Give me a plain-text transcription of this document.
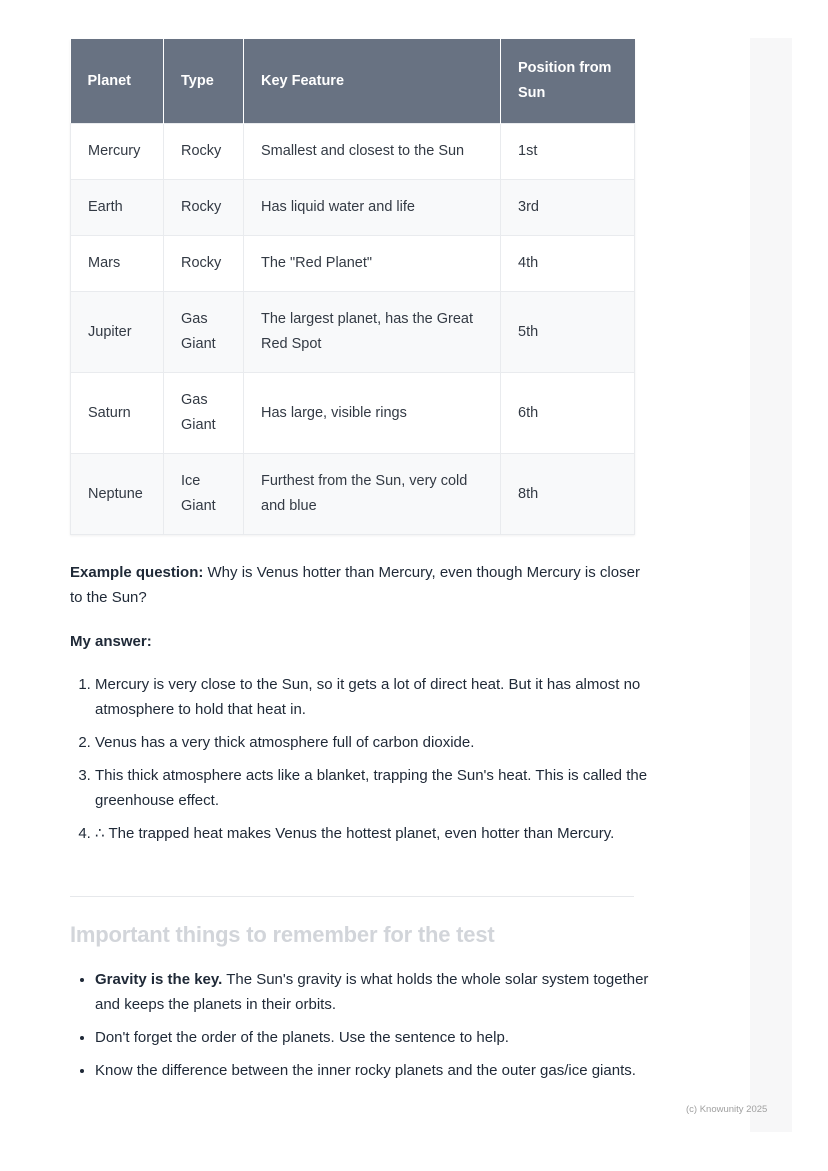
Planet	Type	Key Feature	Position from Sun
Mercury	Rocky	Smallest and closest to the Sun	1st
Earth	Rocky	Has liquid water and life	3rd
Mars	Rocky	The "Red Planet"	4th
Jupiter	Gas Giant	The largest planet, has the Great Red Spot	5th
Saturn	Gas Giant	Has large, visible rings	6th
Neptune	Ice Giant	Furthest from the Sun, very cold and blue	8th
Example question: Why is Venus hotter than Mercury, even though Mercury is closer to the Sun?
My answer:
1. Mercury is very close to the Sun, so it gets a lot of direct heat. But it has almost no atmosphere to hold that heat in.
2. Venus has a very thick atmosphere full of carbon dioxide.
3. This thick atmosphere acts like a blanket, trapping the Sun's heat. This is called the greenhouse effect.
4. ∴ The trapped heat makes Venus the hottest planet, even hotter than Mercury.
Important things to remember for the test
• Gravity is the key. The Sun's gravity is what holds the whole solar system together and keeps the planets in their orbits.
• Don't forget the order of the planets. Use the sentence to help.
• Know the difference between the inner rocky planets and the outer gas/ice giants.
(c) Knowunity 2025
